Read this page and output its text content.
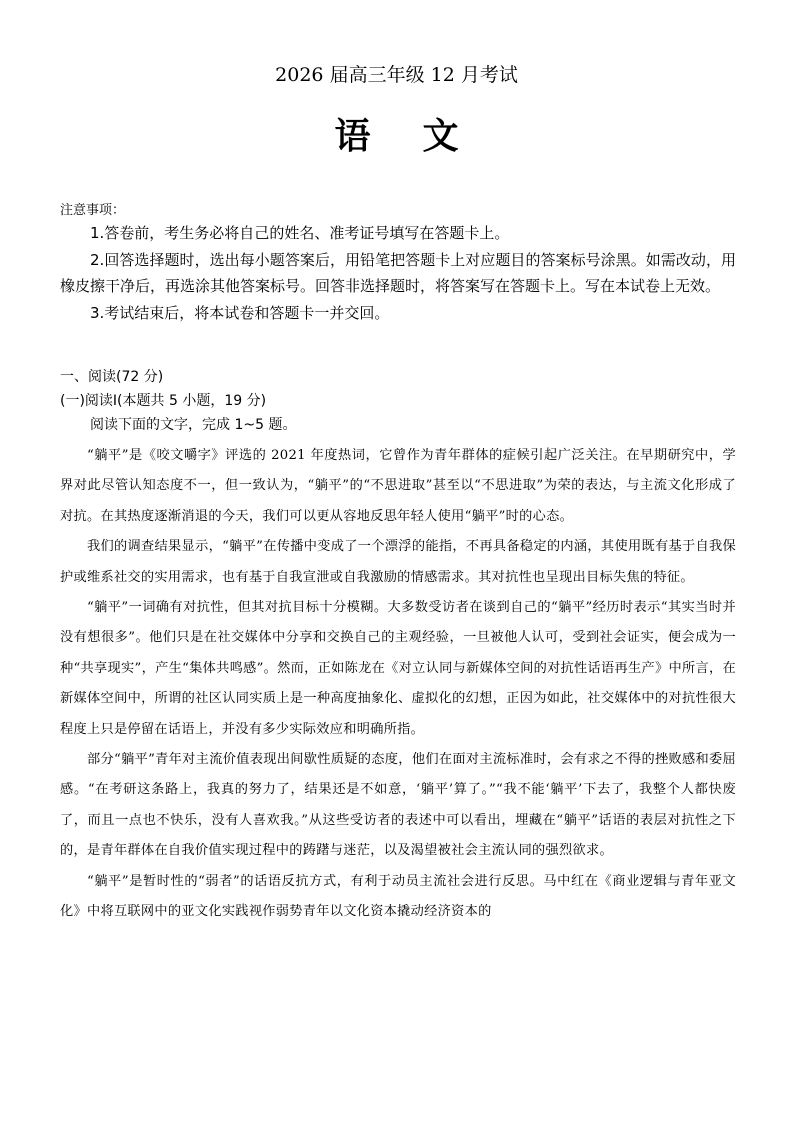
2026 届高三年级 12 月考试
语文
注意事项：

1.答卷前，考生务必将自己的姓名、准考证号填写在答题卡上。

2.回答选择题时，选出每小题答案后，用铅笔把答题卡上对应题目的答案标号涂黑。如需改动，用橡皮擦干净后，再选涂其他答案标号。回答非选择题时，将答案写在答题卡上。写在本试卷上无效。

3.考试结束后，将本试卷和答题卡一并交回。

一、阅读(72 分)

(一)阅读Ⅰ(本题共 5 小题，19 分)

阅读下面的文字，完成 1~5 题。

“躺平”是《咬文嚼字》评选的 2021 年度热词，它曾作为青年群体的症候引起广泛关注。在早期研究中，学界对此尽管认知态度不一，但一致认为，“躺平”的“不思进取”甚至以“不思进取”为荣的表达，与主流文化形成了对抗。在其热度逐渐消退的今天，我们可以更从容地反思年轻人使用“躺平”时的心态。

我们的调查结果显示，“躺平”在传播中变成了一个漂浮的能指，不再具备稳定的内涵，其使用既有基于自我保护或维系社交的实用需求，也有基于自我宣泄或自我激励的情感需求。其对抗性也呈现出目标失焦的特征。

“躺平”一词确有对抗性，但其对抗目标十分模糊。大多数受访者在谈到自己的“躺平”经历时表示“其实当时并没有想很多”。他们只是在社交媒体中分享和交换自己的主观经验，一旦被他人认可，受到社会证实，便会成为一种“共享现实”，产生“集体共鸣感”。然而，正如陈龙在《对立认同与新媒体空间的对抗性话语再生产》中所言，在新媒体空间中，所谓的社区认同实质上是一种高度抽象化、虚拟化的幻想，正因为如此，社交媒体中的对抗性很大程度上只是停留在话语上，并没有多少实际效应和明确所指。

部分“躺平”青年对主流价值表现出间歇性质疑的态度，他们在面对主流标准时，会有求之不得的挫败感和委屈感。“在考研这条路上，我真的努力了，结果还是不如意，‘躺平’算了。”“我不能‘躺平’下去了，我整个人都快废了，而且一点也不快乐，没有人喜欢我。”从这些受访者的表述中可以看出，埋藏在“躺平”话语的表层对抗性之下的，是青年群体在自我价值实现过程中的踌躇与迷茫，以及渴望被社会主流认同的强烈欲求。

“躺平”是暂时性的“弱者”的话语反抗方式，有利于动员主流社会进行反思。马中红在《商业逻辑与青年亚文化》中将互联网中的亚文化实践视作弱势青年以文化资本撬动经济资本的
